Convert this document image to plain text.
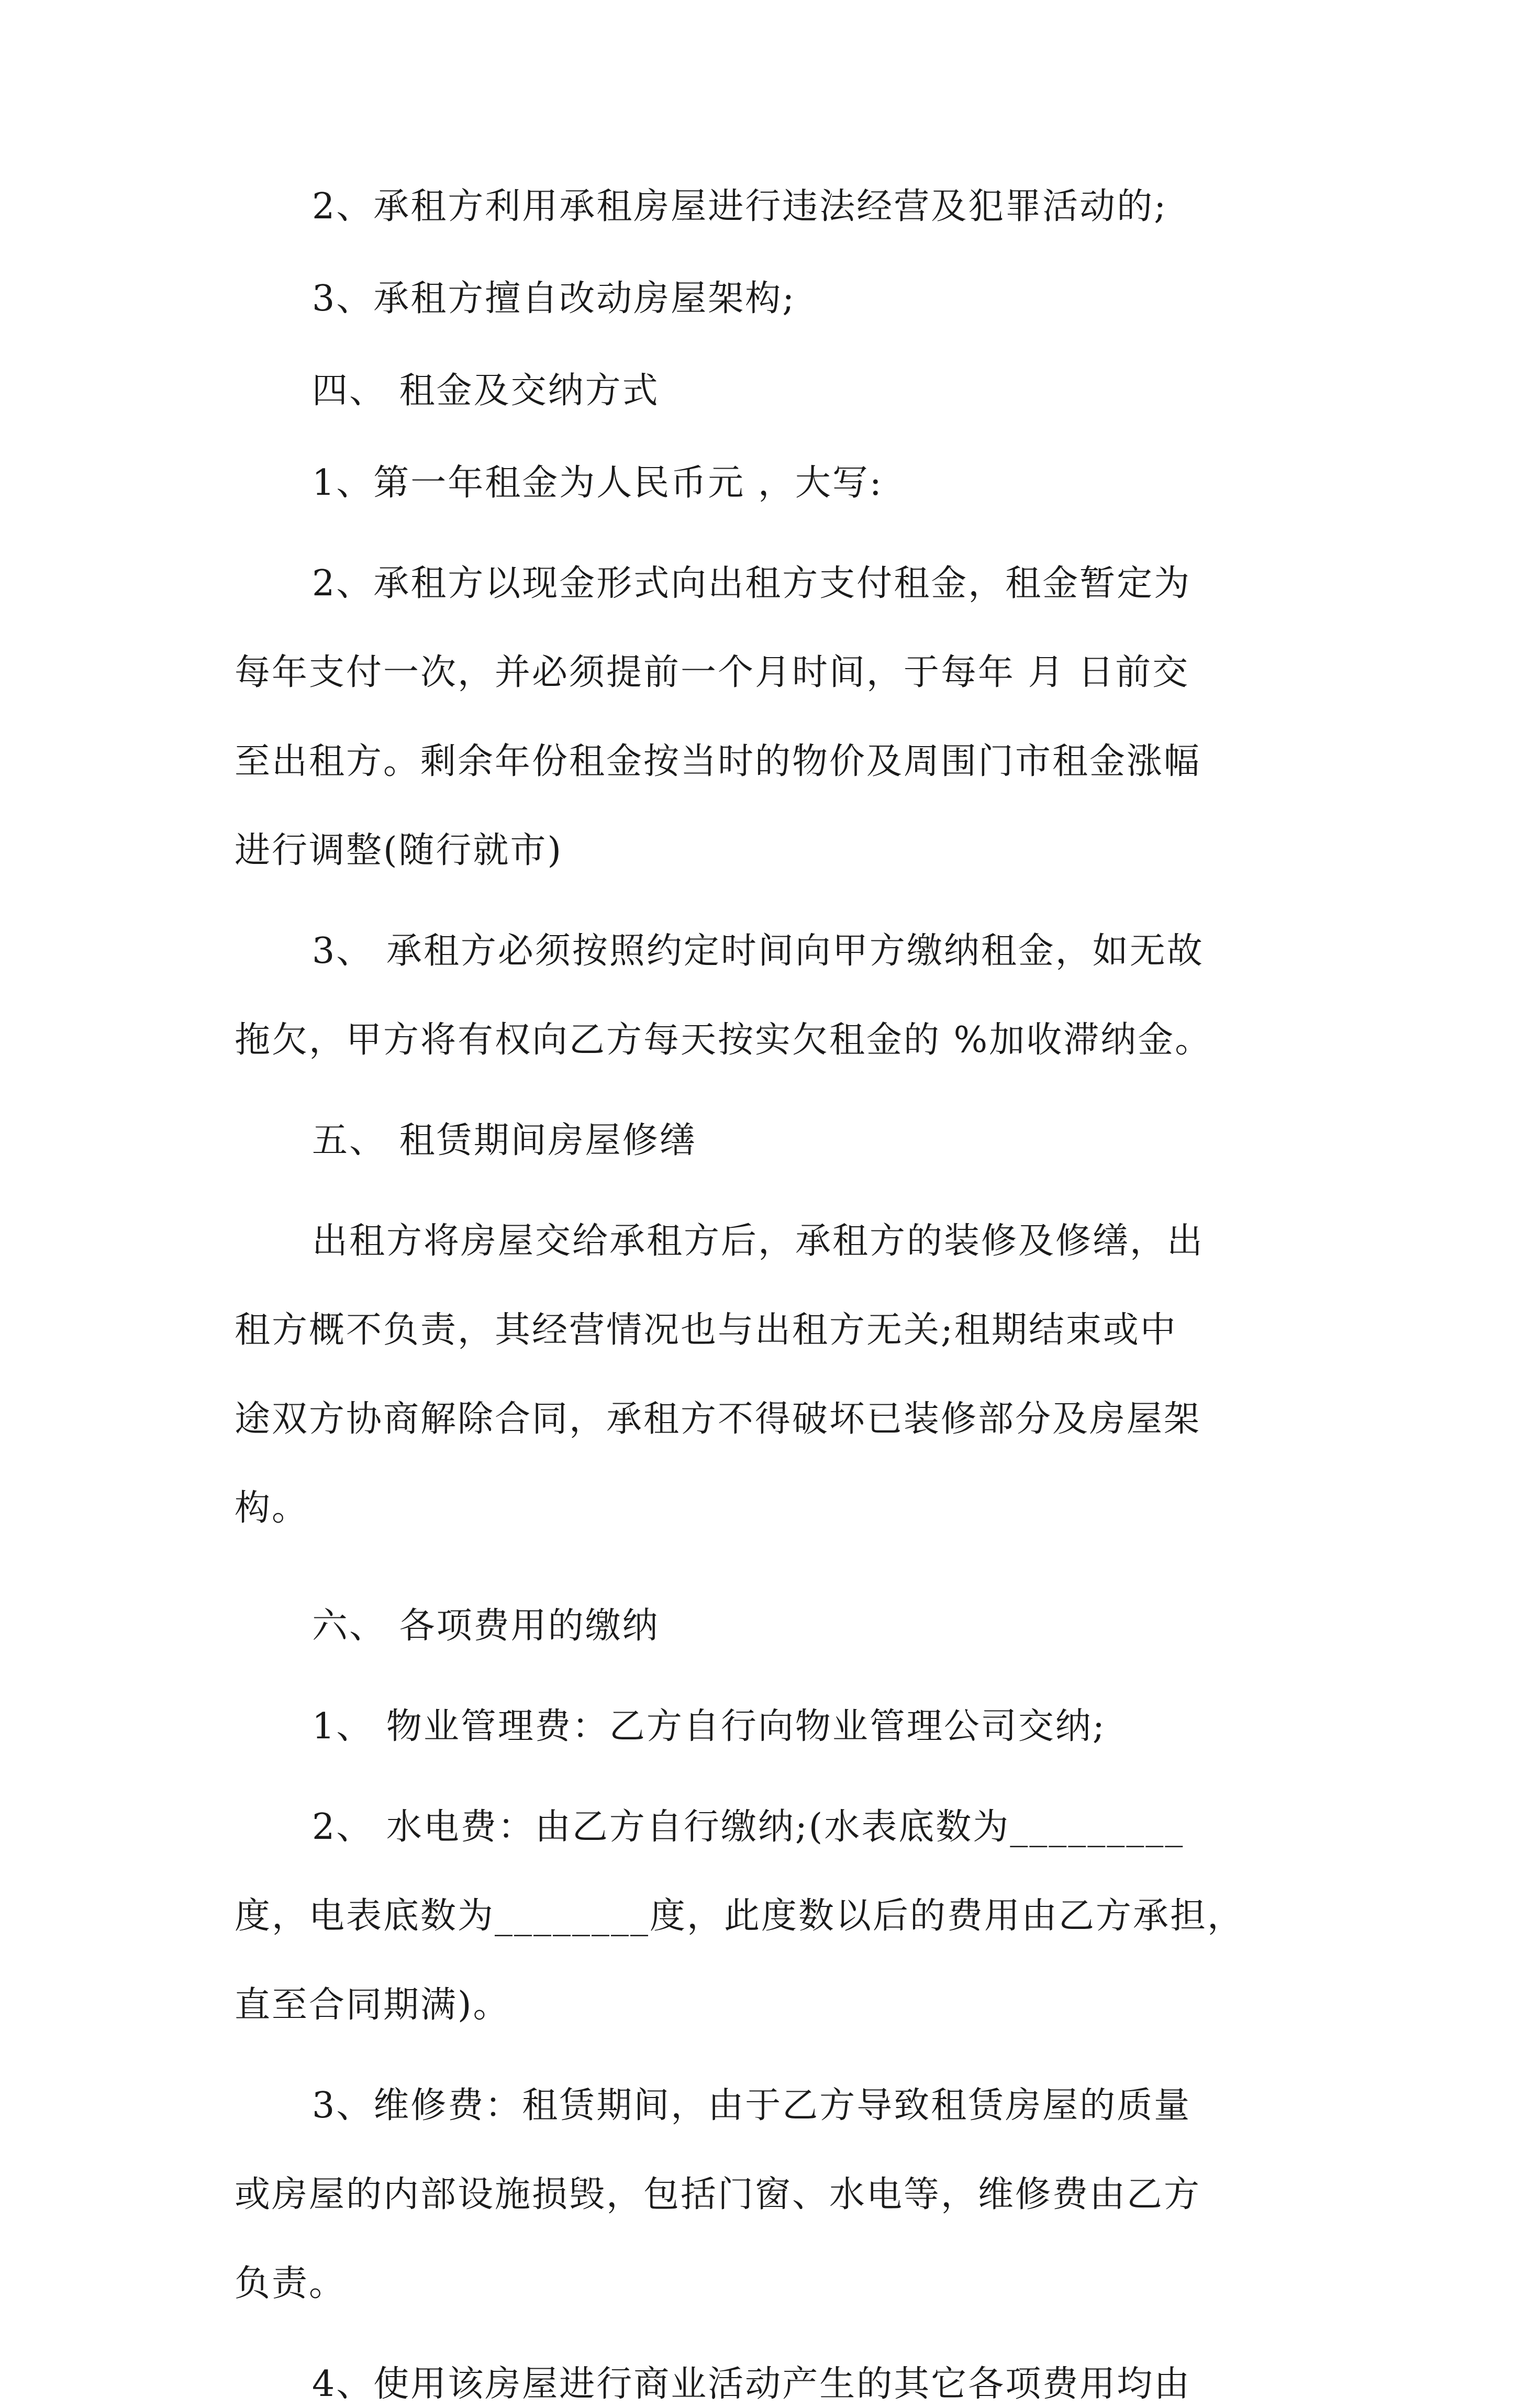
2、承租方利用承租房屋进行违法经营及犯罪活动的;

3、承租方擅自改动房屋架构;

四、 租金及交纳方式

1、第一年租金为人民币元 ，大写:

2、承租方以现金形式向出租方支付租金，租金暂定为

每年支付一次，并必须提前一个月时间，于每年 月 日前交

至出租方。剩余年份租金按当时的物价及周围门市租金涨幅

进行调整(随行就市)

3、 承租方必须按照约定时间向甲方缴纳租金，如无故

拖欠，甲方将有权向乙方每天按实欠租金的 %加收滞纳金。

五、 租赁期间房屋修缮

出租方将房屋交给承租方后，承租方的装修及修缮，出

租方概不负责，其经营情况也与出租方无关;租期结束或中

途双方协商解除合同，承租方不得破坏已装修部分及房屋架

构。

六、 各项费用的缴纳

1、 物业管理费：乙方自行向物业管理公司交纳;

2、 水电费：由乙方自行缴纳;(水表底数为_________

度，电表底数为________度，此度数以后的费用由乙方承担，

直至合同期满)。

3、维修费：租赁期间，由于乙方导致租赁房屋的质量

或房屋的内部设施损毁，包括门窗、水电等，维修费由乙方

负责。

4、使用该房屋进行商业活动产生的其它各项费用均由
